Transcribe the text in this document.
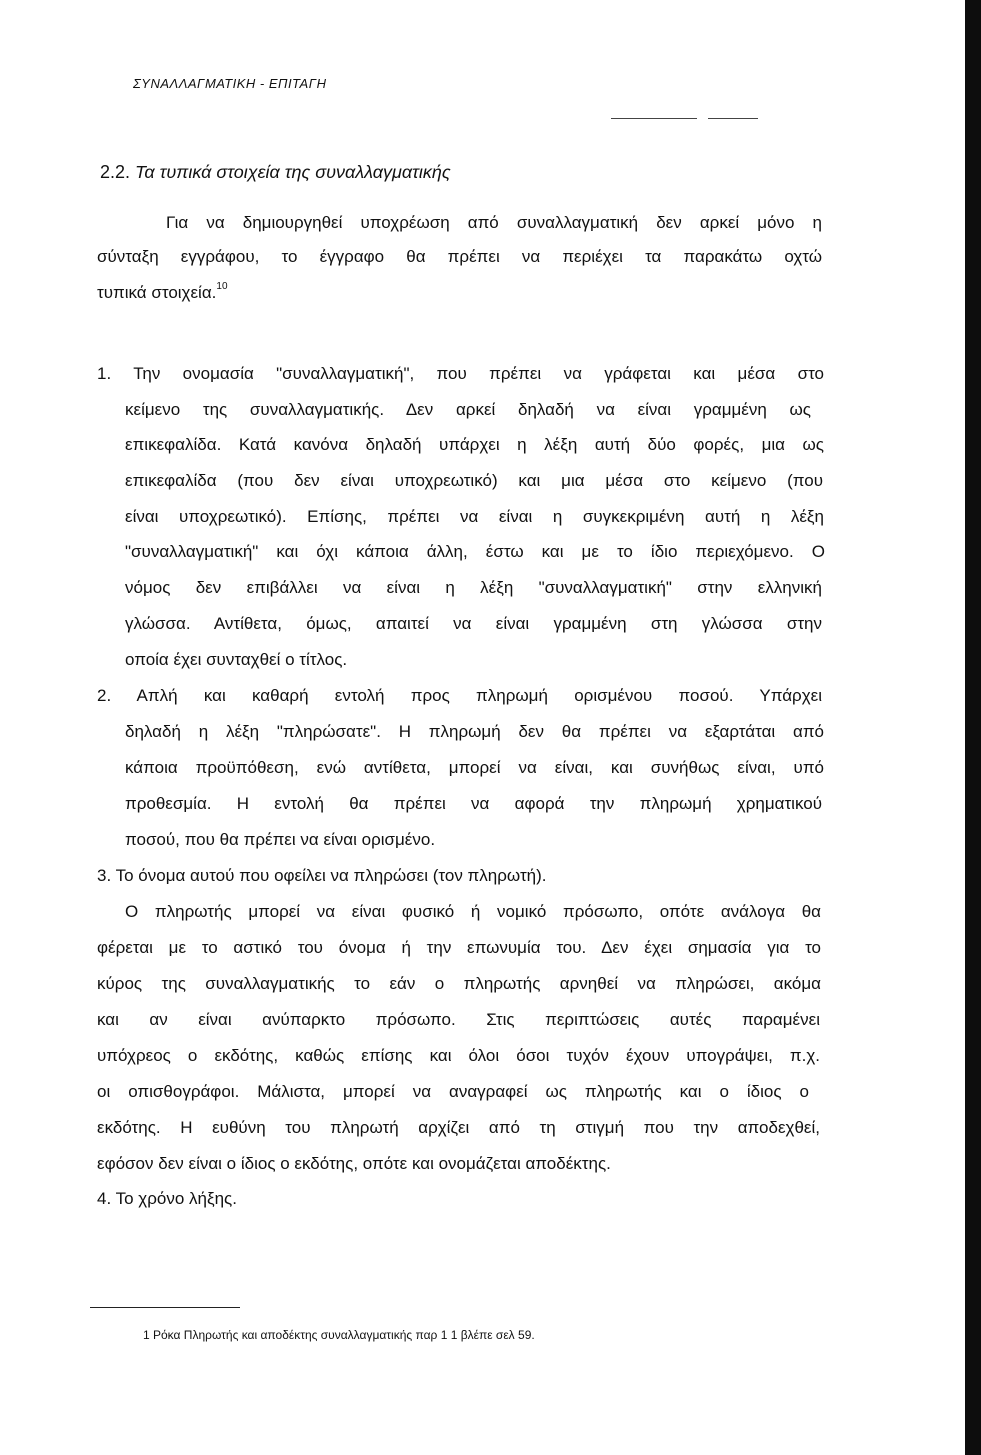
ΣΥΝΑΛΛΑΓΜΑΤΙΚΗ - ΕΠΙΤΑΓΗ
2.2. Τα τυπικά στοιχεία της συναλλαγματικής
Για να δημιουργηθεί υποχρέωση από συναλλαγματική δεν αρκεί μόνο η
σύνταξη εγγράφου, το έγγραφο θα πρέπει να περιέχει τα παρακάτω οχτώ
τυπικά στοιχεία.$^{10}$
1. Την ονομασία "συναλλαγματική", που πρέπει να γράφεται και μέσα στο
κείμενο της συναλλαγματικής. Δεν αρκεί δηλαδή να είναι γραμμένη ως
επικεφαλίδα. Κατά κανόνα δηλαδή υπάρχει η λέξη αυτή δύο φορές, μια ως
επικεφαλίδα (που δεν είναι υποχρεωτικό) και μια μέσα στο κείμενο (που
είναι υποχρεωτικό). Επίσης, πρέπει να είναι η συγκεκριμένη αυτή η λέξη
"συναλλαγματική" και όχι κάποια άλλη, έστω και με το ίδιο περιεχόμενο. Ο
νόμος δεν επιβάλλει να είναι η λέξη "συναλλαγματική" στην ελληνική
γλώσσα. Αντίθετα, όμως, απαιτεί να είναι γραμμένη στη γλώσσα στην
οποία έχει συνταχθεί ο τίτλος.
2. Απλή και καθαρή εντολή προς πληρωμή ορισμένου ποσού. Υπάρχει
δηλαδή η λέξη "πληρώσατε". Η πληρωμή δεν θα πρέπει να εξαρτάται από
κάποια προϋπόθεση, ενώ αντίθετα, μπορεί να είναι, και συνήθως είναι, υπό
προθεσμία. Η εντολή θα πρέπει να αφορά την πληρωμή χρηματικού
ποσού, που θα πρέπει να είναι ορισμένο.
3. Το όνομα αυτού που οφείλει να πληρώσει (τον πληρωτή).
Ο πληρωτής μπορεί να είναι φυσικό ή νομικό πρόσωπο, οπότε ανάλογα θα
φέρεται με το αστικό του όνομα ή την επωνυμία του. Δεν έχει σημασία για το
κύρος της συναλλαγματικής το εάν ο πληρωτής αρνηθεί να πληρώσει, ακόμα
και αν είναι ανύπαρκτο πρόσωπο. Στις περιπτώσεις αυτές παραμένει
υπόχρεος ο εκδότης, καθώς επίσης και όλοι όσοι τυχόν έχουν υπογράψει, π.χ.
οι οπισθογράφοι. Μάλιστα, μπορεί να αναγραφεί ως πληρωτής και ο ίδιος ο
εκδότης. Η ευθύνη του πληρωτή αρχίζει από τη στιγμή που την αποδεχθεί,
εφόσον δεν είναι ο ίδιος ο εκδότης, οπότε και ονομάζεται αποδέκτης.
4. Το χρόνο λήξης.
1 Ρόκα Πληρωτής και αποδέκτης συναλλαγματικής παρ 1 1 βλέπε σελ 59.
